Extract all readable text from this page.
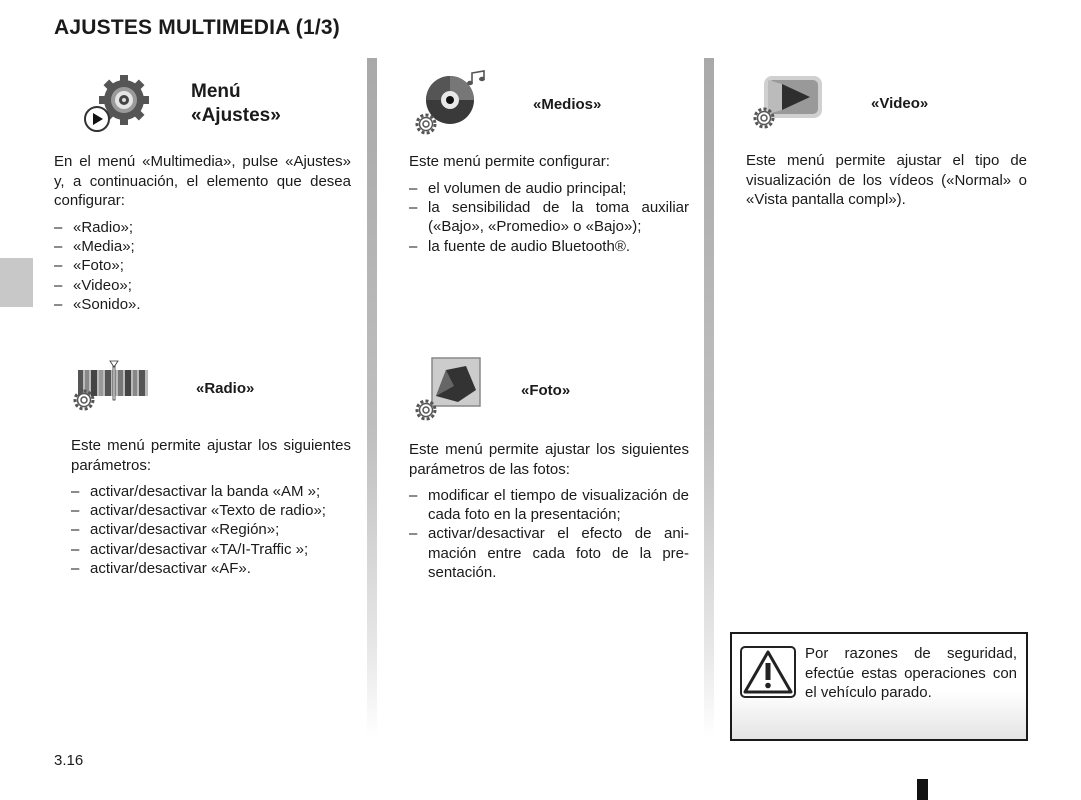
AJUSTES MULTIMEDIA (1/3)
Menú
«Ajustes»
En el menú «Multimedia», pulse «Ajustes» y, a continuación, el elemento que desea configurar:
– «Radio»;
– «Media»;
– «Foto»;
– «Video»;
– «Sonido».
«Radio»
Este menú permite ajustar los siguientes parámetros:
– activar/desactivar la banda «AM »;
– activar/desactivar «Texto de radio»;
– activar/desactivar «Región»;
– activar/desactivar «TA/I-Traffic »;
– activar/desactivar «AF».
«Medios»
Este menú permite configurar:
– el volumen de audio principal;
– la sensibilidad de la toma auxiliar («Bajo», «Promedio» o «Bajo»);
– la fuente de audio Bluetooth®.
«Foto»
Este menú permite ajustar los siguientes parámetros de las fotos:
– modificar el tiempo de visualización de cada foto en la presentación;
– activar/desactivar el efecto de animación entre cada foto de la presentación.
«Video»
Este menú permite ajustar el tipo de visualización de los vídeos («Normal» o «Vista pantalla compl»).
Por razones de seguridad, efectúe estas operaciones con el vehículo parado.
3.16
